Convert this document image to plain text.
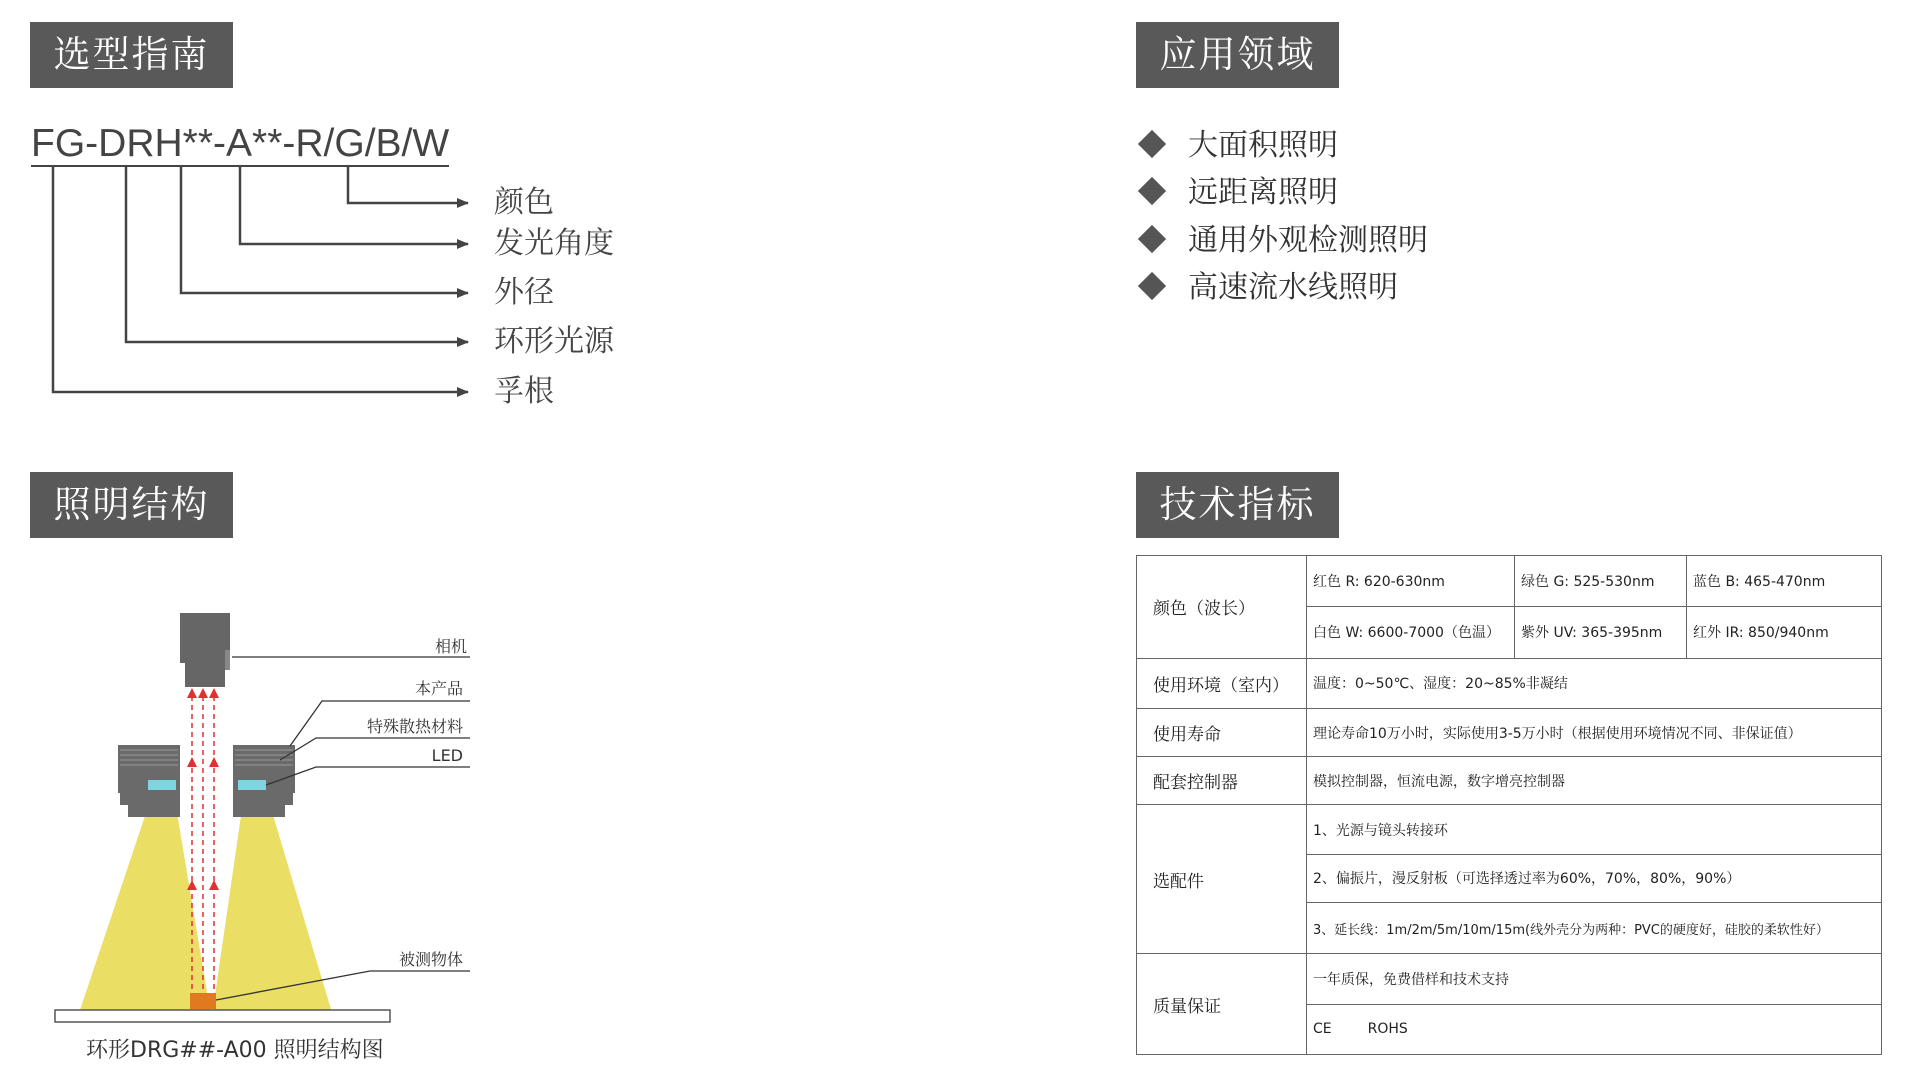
选型指南	应用领域
照明结构	技术指标
FG-DRH**-A**-R/G/B/W
颜色
发光角度
外径
环形光源
孚根
大面积照明
远距离照明
通用外观检测照明
高速流水线照明
相机
本产品
特殊散热材料
LED
被测物体
环形DRG##-A00 照明结构图
颜色（波长）	红色 R: 620-630nm	绿色 G: 525-530nm	蓝色 B: 465-470nm
	白色 W: 6600-7000（色温）	紫外 UV: 365-395nm	红外 IR: 850/940nm
使用环境（室内）	温度：0~50℃、湿度：20~85%非凝结		
使用寿命	理论寿命10万小时，实际使用3-5万小时（根据使用环境情况不同、非保证值）		
配套控制器	模拟控制器，恒流电源，数字增亮控制器		
选配件	1、光源与镜头转接环		
	2、偏振片，漫反射板（可选择透过率为60%，70%，80%，90%）		
	3、延长线：1m/2m/5m/10m/15m(线外壳分为两种：PVC的硬度好，硅胶的柔软性好）		
质量保证	一年质保，免费借样和技术支持		
	CE ROHS		
